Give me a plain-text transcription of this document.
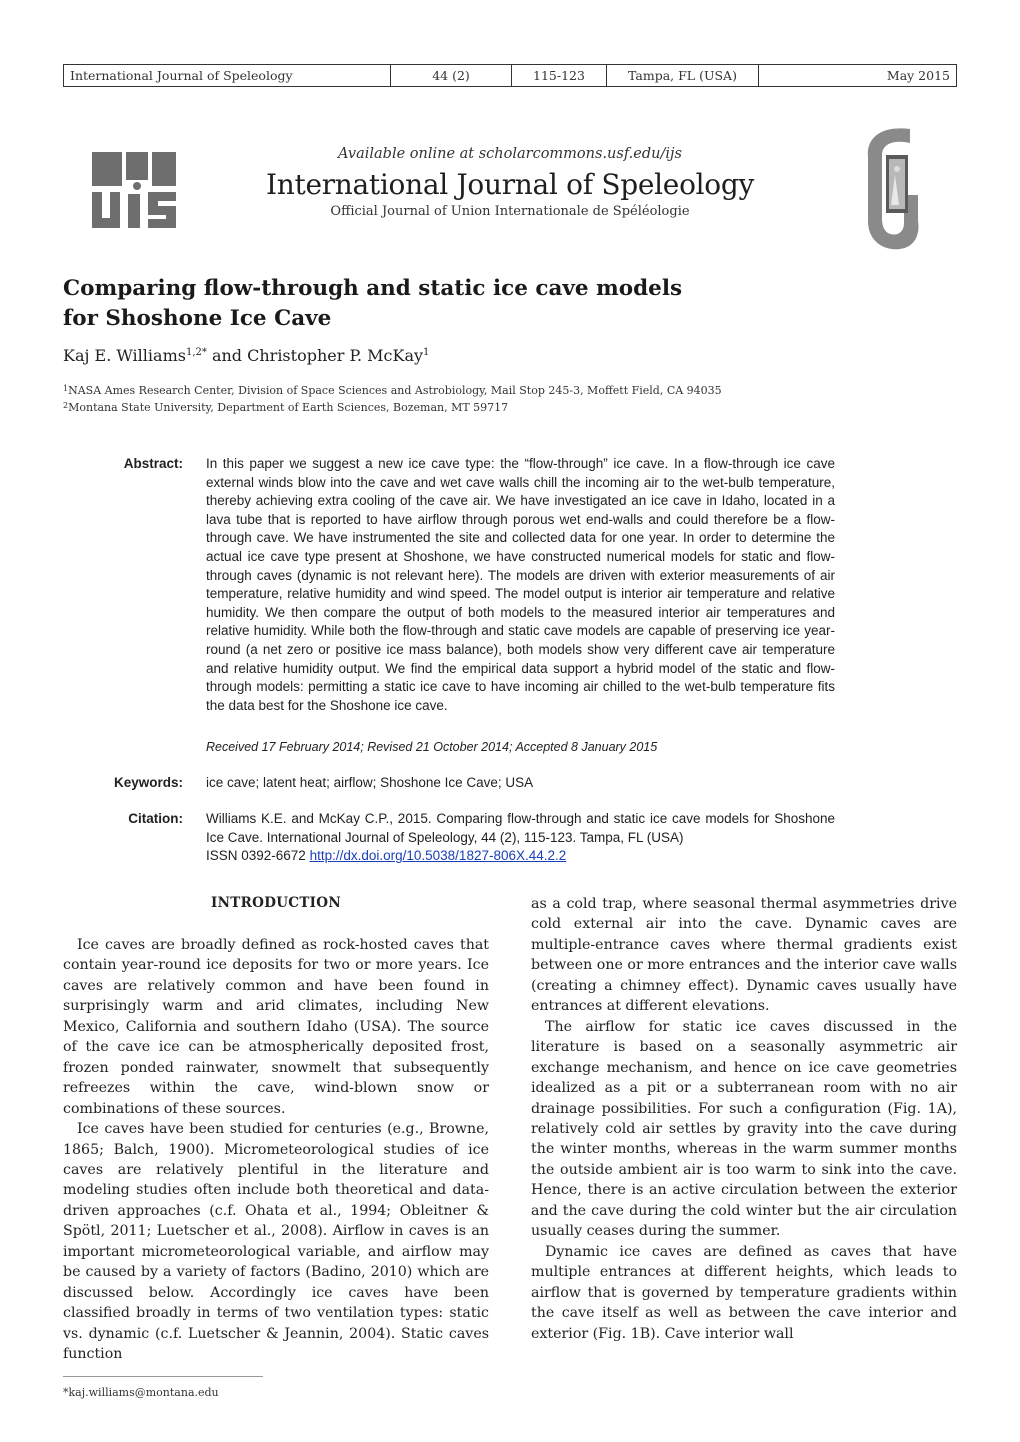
International Journal of Speleology	44 (2)	115-123	Tampa, FL (USA)	May 2015
Available online at scholarcommons.usf.edu/ijs
International Journal of Speleology
Official Journal of Union Internationale de Spéléologie
Comparing flow-through and static ice cave models
for Shoshone Ice Cave
Kaj E. Williams$^{1,2*}$ and Christopher P. McKay$^1$
$^1$NASA Ames Research Center, Division of Space Sciences and Astrobiology, Mail Stop 245-3, Moffett Field, CA 94035
$^2$Montana State University, Department of Earth Sciences, Bozeman, MT 59717
Abstract: In this paper we suggest a new ice cave type: the “flow-through” ice cave. In a flow-through ice cave external winds blow into the cave and wet cave walls chill the incoming air to the wet-bulb temperature, thereby achieving extra cooling of the cave air. We have investigated an ice cave in Idaho, located in a lava tube that is reported to have airflow through porous wet end-walls and could therefore be a flow-through cave. We have instrumented the site and collected data for one year. In order to determine the actual ice cave type present at Shoshone, we have constructed numerical models for static and flow-through caves (dynamic is not relevant here). The models are driven with exterior measurements of air temperature, relative humidity and wind speed. The model output is interior air temperature and relative humidity. We then compare the output of both models to the measured interior air temperatures and relative humidity. While both the flow-through and static cave models are capable of preserving ice year-round (a net zero or positive ice mass balance), both models show very different cave air temperature and relative humidity output. We find the empirical data support a hybrid model of the static and flow-through models: permitting a static ice cave to have incoming air chilled to the wet-bulb temperature fits the data best for the Shoshone ice cave.
Received 17 February 2014; Revised 21 October 2014; Accepted 8 January 2015
Keywords: ice cave; latent heat; airflow; Shoshone Ice Cave; USA
Citation: Williams K.E. and McKay C.P., 2015. Comparing flow-through and static ice cave models for Shoshone Ice Cave. International Journal of Speleology, 44 (2), 115-123. Tampa, FL (USA)
ISSN 0392-6672 http://dx.doi.org/10.5038/1827-806X.44.2.2
INTRODUCTION

Ice caves are broadly defined as rock-hosted caves that contain year-round ice deposits for two or more years. Ice caves are relatively common and have been found in surprisingly warm and arid climates, including New Mexico, California and southern Idaho (USA). The source of the cave ice can be atmospherically deposited frost, frozen ponded rainwater, snowmelt that subsequently refreezes within the cave, wind-blown snow or combinations of these sources.

Ice caves have been studied for centuries (e.g., Browne, 1865; Balch, 1900). Micrometeorological studies of ice caves are relatively plentiful in the literature and modeling studies often include both theoretical and data-driven approaches (c.f. Ohata et al., 1994; Obleitner & Spötl, 2011; Luetscher et al., 2008). Airflow in caves is an important micrometeorological variable, and airflow may be caused by a variety of factors (Badino, 2010) which are discussed below. Accordingly ice caves have been classified broadly in terms of two ventilation types: static vs. dynamic (c.f. Luetscher & Jeannin, 2004). Static caves function

as a cold trap, where seasonal thermal asymmetries drive cold external air into the cave. Dynamic caves are multiple-entrance caves where thermal gradients exist between one or more entrances and the interior cave walls (creating a chimney effect). Dynamic caves usually have entrances at different elevations.

The airflow for static ice caves discussed in the literature is based on a seasonally asymmetric air exchange mechanism, and hence on ice cave geometries idealized as a pit or a subterranean room with no air drainage possibilities. For such a configuration (Fig. 1A), relatively cold air settles by gravity into the cave during the winter months, whereas in the warm summer months the outside ambient air is too warm to sink into the cave. Hence, there is an active circulation between the exterior and the cave during the cold winter but the air circulation usually ceases during the summer.

Dynamic ice caves are defined as caves that have multiple entrances at different heights, which leads to airflow that is governed by temperature gradients within the cave itself as well as between the cave interior and exterior (Fig. 1B). Cave interior wall

*kaj.williams@montana.edu
